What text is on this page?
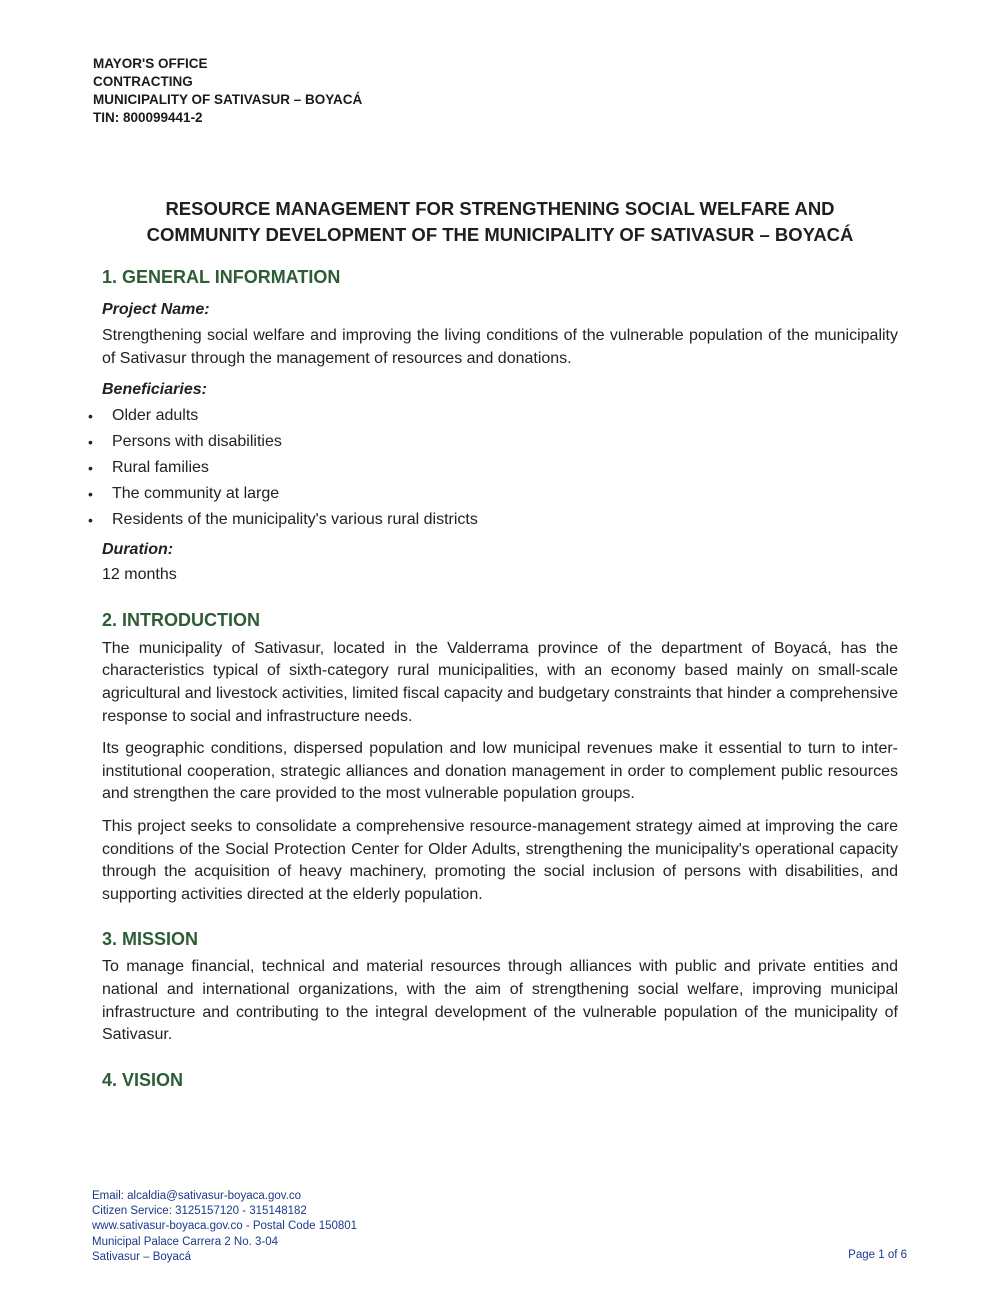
MAYOR'S OFFICE
CONTRACTING
MUNICIPALITY OF SATIVASUR – BOYACÁ
TIN: 800099441-2
RESOURCE MANAGEMENT FOR STRENGTHENING SOCIAL WELFARE AND
COMMUNITY DEVELOPMENT OF THE MUNICIPALITY OF SATIVASUR – BOYACÁ
1. GENERAL INFORMATION
Project Name:

Strengthening social welfare and improving the living conditions of the vulnerable population of the municipality of Sativasur through the management of resources and donations.

Beneficiaries:
• Older adults
• Persons with disabilities
• Rural families
• The community at large
• Residents of the municipality's various rural districts
Duration:

12 months

2. INTRODUCTION

The municipality of Sativasur, located in the Valderrama province of the department of Boyacá, has the characteristics typical of sixth-category rural municipalities, with an economy based mainly on small-scale agricultural and livestock activities, limited fiscal capacity and budgetary constraints that hinder a comprehensive response to social and infrastructure needs.

Its geographic conditions, dispersed population and low municipal revenues make it essential to turn to inter-institutional cooperation, strategic alliances and donation management in order to complement public resources and strengthen the care provided to the most vulnerable population groups.

This project seeks to consolidate a comprehensive resource-management strategy aimed at improving the care conditions of the Social Protection Center for Older Adults, strengthening the municipality's operational capacity through the acquisition of heavy machinery, promoting the social inclusion of persons with disabilities, and supporting activities directed at the elderly population.

3. MISSION

To manage financial, technical and material resources through alliances with public and private entities and national and international organizations, with the aim of strengthening social welfare, improving municipal infrastructure and contributing to the integral development of the vulnerable population of the municipality of Sativasur.

4. VISION
Email: alcaldia@sativasur-boyaca.gov.co
Citizen Service: 3125157120 - 315148182
www.sativasur-boyaca.gov.co - Postal Code 150801
Municipal Palace Carrera 2 No. 3-04
Sativasur – Boyacá	Page 1 of 6
